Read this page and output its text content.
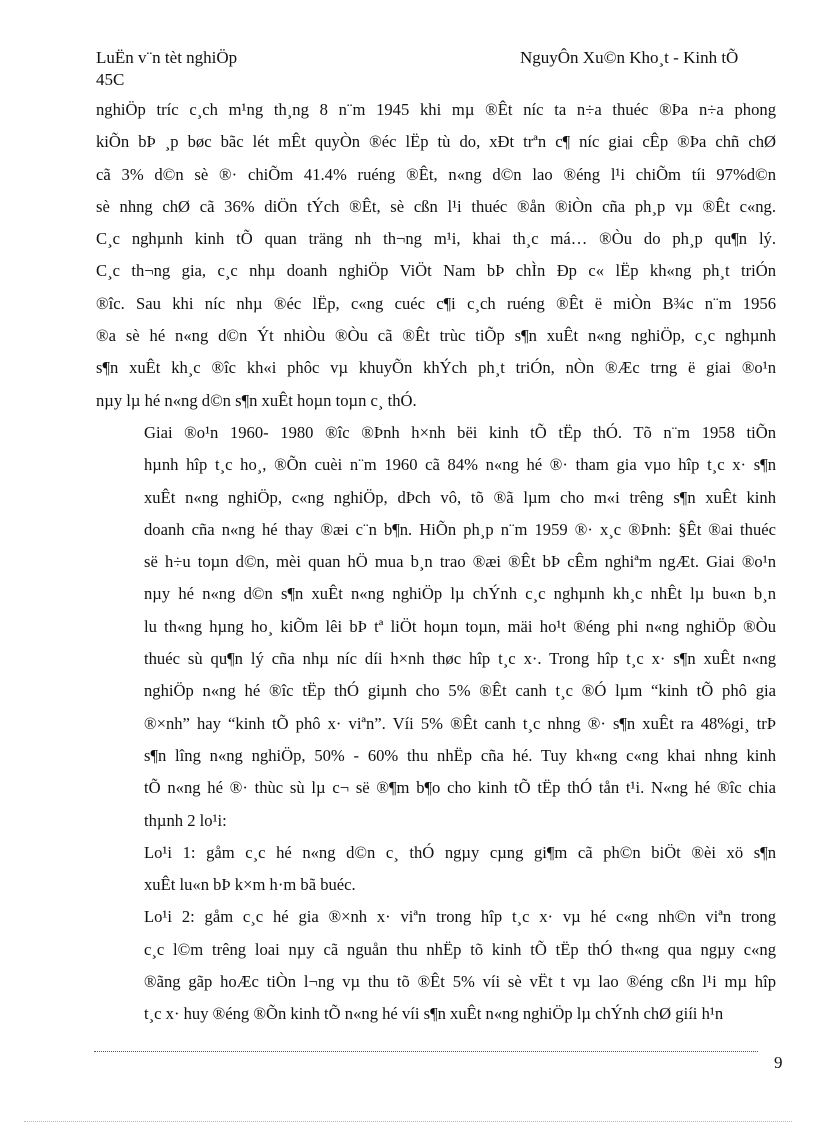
LuËn v¨n tèt nghiÖp
45C
NguyÔn Xu©n Kho¸t - Kinh tÕ
nghiÖp tríc c¸ch m¹ng th¸ng 8 n¨m 1945 khi mµ ®Êt níc ta n÷a thuéc ®Þa n÷a phong
kiÕn bÞ ¸p bøc bãc lét mÊt quyÒn ®éc lËp tù do, xÐt trªn c¶ níc giai cÊp ®Þa chñ chØ
cã 3% d©n sè ®· chiÕm 41.4% ruéng ®Êt, n«ng d©n lao ®éng l¹i chiÕm tíi 97%d©n
sè nhng chØ cã 36% diÖn tÝch ®Êt, sè cßn l¹i thuéc ®ån ®iÒn cña ph¸p vµ ®Êt c«ng.
C¸c nghµnh kinh tÕ quan träng nh th¬ng m¹i, khai th¸c má… ®Òu do ph¸p qu¶n lý.
C¸c th¬ng gia, c¸c nhµ doanh nghiÖp ViÖt Nam bÞ chÌn Ðp c« lËp kh«ng ph¸t triÓn
®îc. Sau khi níc nhµ ®éc lËp, c«ng cuéc c¶i c¸ch ruéng ®Êt ë miÒn B¾c n¨m 1956
®a sè hé n«ng d©n Ýt nhiÒu ®Òu cã ®Êt trùc tiÕp s¶n xuÊt n«ng nghiÖp, c¸c nghµnh
s¶n xuÊt kh¸c ®îc kh«i phôc vµ khuyÕn khÝch ph¸t triÓn, nÒn ®Æc trng ë giai ®o¹n
nµy lµ hé n«ng d©n s¶n xuÊt hoµn toµn c¸ thÓ.
Giai ®o¹n 1960- 1980 ®îc ®Þnh h×nh bëi kinh tÕ tËp thÓ. Tõ n¨m 1958 tiÕn
hµnh hîp t¸c ho¸, ®Õn cuèi n¨m 1960 cã 84% n«ng hé ®· tham gia vµo hîp t¸c x· s¶n
xuÊt n«ng nghiÖp, c«ng nghiÖp, dÞch vô, tõ ®ã lµm cho m«i trêng s¶n xuÊt kinh
doanh cña n«ng hé thay ®æi c¨n b¶n. HiÕn ph¸p n¨m 1959 ®· x¸c ®Þnh: §Êt ®ai thuéc
së h÷u toµn d©n, mèi quan hÖ mua b¸n trao ®æi ®Êt bÞ cÊm nghiªm ngÆt. Giai ®o¹n
nµy hé n«ng d©n s¶n xuÊt n«ng nghiÖp lµ chÝnh c¸c nghµnh kh¸c nhÊt lµ bu«n b¸n
lu th«ng hµng ho¸ kiÕm lêi bÞ tª liÖt hoµn toµn, mäi ho¹t ®éng phi n«ng nghiÖp ®Òu
thuéc sù qu¶n lý cña nhµ níc díi h×nh thøc hîp t¸c x·. Trong hîp t¸c x· s¶n xuÊt n«ng
nghiÖp n«ng hé ®îc tËp thÓ giµnh cho 5% ®Êt canh t¸c ®Ó lµm “kinh tÕ phô gia
®×nh” hay “kinh tÕ phô x· viªn”. Víi 5% ®Êt canh t¸c nhng ®· s¶n xuÊt ra 48%gi¸ trÞ
s¶n lîng n«ng nghiÖp, 50% - 60% thu nhËp cña hé. Tuy kh«ng c«ng khai nhng kinh
tÕ n«ng hé ®· thùc sù lµ c¬ së ®¶m b¶o cho kinh tÕ tËp thÓ tån t¹i. N«ng hé ®îc chia
thµnh 2 lo¹i:
Lo¹i 1: gåm c¸c hé n«ng d©n c¸ thÓ ngµy cµng gi¶m cã ph©n biÖt ®èi xö s¶n
xuÊt lu«n bÞ k×m h·m bã buéc.
Lo¹i 2: gåm c¸c hé gia ®×nh x· viªn trong hîp t¸c x· vµ hé c«ng nh©n viªn trong
c¸c l©m trêng loai nµy cã nguån thu nhËp tõ kinh tÕ tËp thÓ th«ng qua ngµy c«ng
®ãng gãp hoÆc tiÒn l¬ng vµ thu tõ ®Êt 5% víi sè vËt t vµ lao ®éng cßn l¹i mµ hîp
t¸c x· huy ®éng ®Õn kinh tÕ n«ng hé víi s¶n xuÊt n«ng nghiÖp lµ chÝnh chØ giíi h¹n
9
